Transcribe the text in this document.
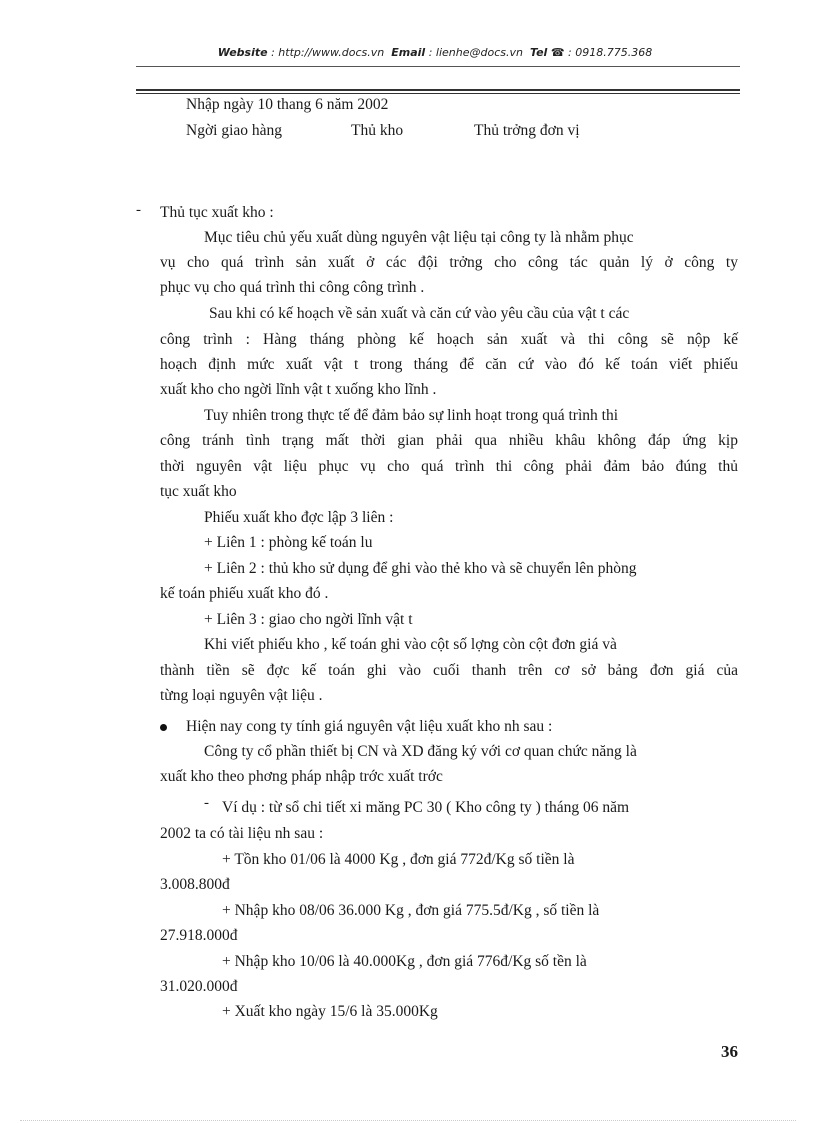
Website : http://www.docs.vn Email : lienhe@docs.vn Tel ☎ : 0918.775.368
Nhập ngày 10 thang 6 năm 2002
Ngời giao hàng	Thủ kho	Thủ trởng đơn vị
- Thủ tục xuất kho :
Mục tiêu chủ yếu xuất dùng nguyên vật liệu tại công ty là nhằm phục
vụ cho quá trình sản xuất ở các đội trởng cho công tác quản lý ở công ty
phục vụ cho quá trình thi công công trình .
Sau khi có kế hoạch về sản xuất và căn cứ vào yêu cầu của vật t các
công trình : Hàng tháng phòng kế hoạch sản xuất và thi công sẽ nộp kế
hoạch định mức xuất vật t trong tháng để căn cứ vào đó kế toán viết phiếu
xuất kho cho ngời lĩnh vật t xuống kho lĩnh .
Tuy nhiên trong thực tế để đảm bảo sự linh hoạt trong quá trình thi
công tránh tình trạng mất thời gian phải qua nhiều khâu không đáp ứng kịp
thời nguyên vật liệu phục vụ cho quá trình thi công phải đảm bảo đúng thủ
tục xuất kho
Phiếu xuất kho đợc lập 3 liên :
+ Liên 1 : phòng kế toán lu
+ Liên 2 : thủ kho sử dụng để ghi vào thẻ kho và sẽ chuyển lên phòng
kế toán phiếu xuất kho đó .
+ Liên 3 : giao cho ngời lĩnh vật t
Khi viết phiếu kho , kế toán ghi vào cột số lợng còn cột đơn giá và
thành tiền sẽ đợc kế toán ghi vào cuối thanh trên cơ sở bảng đơn giá của
từng loại nguyên vật liệu .
Hiện nay cong ty tính giá nguyên vật liệu xuất kho nh sau :
Công ty cổ phần thiết bị CN và XD đăng ký với cơ quan chức năng là
xuất kho theo phơng pháp nhập trớc xuất trớc
- Ví dụ : từ sổ chi tiết xi măng PC 30 ( Kho công ty ) tháng 06 năm
2002 ta có tài liệu nh sau :
+ Tồn kho 01/06 là 4000 Kg , đơn giá 772đ/Kg số tiền là
3.008.800đ
+ Nhập kho 08/06 36.000 Kg , đơn giá 775.5đ/Kg , số tiền là
27.918.000đ
+ Nhập kho 10/06 là 40.000Kg , đơn giá 776đ/Kg số tền là
31.020.000đ
+ Xuất kho ngày 15/6 là 35.000Kg
36
